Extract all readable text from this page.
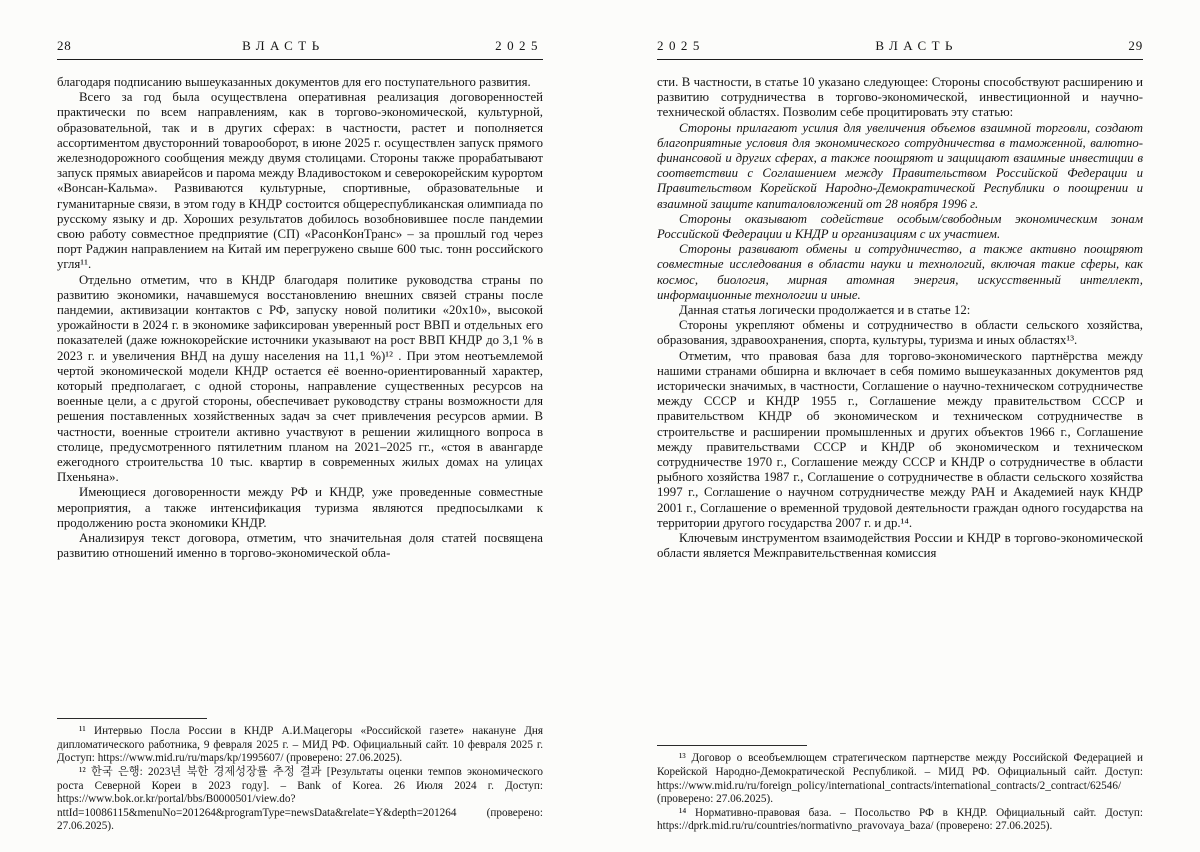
28	ВЛАСТЬ	2025

благодаря подписанию вышеуказанных документов для его поступательного развития.

Всего за год была осуществлена оперативная реализация договоренностей практически по всем направлениям, как в торгово-экономической, культурной, образовательной, так и в других сферах: в частности, растет и пополняется ассортиментом двусторонний товарооборот, в июне 2025 г. осуществлен запуск прямого железнодорожного сообщения между двумя столицами. Стороны также прорабатывают запуск прямых авиарейсов и парома между Владивостоком и северокорейским курортом «Вонсан-Кальма». Развиваются культурные, спортивные, образовательные и гуманитарные связи, в этом году в КНДР состоится общереспубликанская олимпиада по русскому языку и др. Хороших результатов добилось возобновившее после пандемии свою работу совместное предприятие (СП) «РасонКонТранс» – за прошлый год через порт Раджин направлением на Китай им перегружено свыше 600 тыс. тонн российского угля¹¹.

Отдельно отметим, что в КНДР благодаря политике руководства страны по развитию экономики, начавшемуся восстановлению внешних связей страны после пандемии, активизации контактов с РФ, запуску новой политики «20x10», высокой урожайности в 2024 г. в экономике зафиксирован уверенный рост ВВП и отдельных его показателей (даже южнокорейские источники указывают на рост ВВП КНДР до 3,1 % в 2023 г. и увеличения ВНД на душу населения на 11,1 %)¹² . При этом неотъемлемой чертой экономической модели КНДР остается её военно-ориентированный характер, который предполагает, с одной стороны, направление существенных ресурсов на военные цели, а с другой стороны, обеспечивает руководству страны возможности для решения поставленных хозяйственных задач за счет привлечения ресурсов армии. В частности, военные строители активно участвуют в решении жилищного вопроса в столице, предусмотренного пятилетним планом на 2021–2025 гг., «стоя в авангарде ежегодного строительства 10 тыс. квартир в современных жилых домах на улицах Пхеньяна».

Имеющиеся договоренности между РФ и КНДР, уже проведенные совместные мероприятия, а также интенсификация туризма являются предпосылками к продолжению роста экономики КНДР.

Анализируя текст договора, отметим, что значительная доля статей посвящена развитию отношений именно в торгово-экономической обла-

¹¹ Интервью Посла России в КНДР А.И.Мацегоры «Российской газете» накануне Дня дипломатического работника, 9 февраля 2025 г. – МИД РФ. Официальный сайт. 10 февраля 2025 г. Доступ: https://www.mid.ru/ru/maps/kp/1995607/ (проверено: 27.06.2025).

¹² 한국 은행: 2023년 북한 경제성장률 추정 결과 [Результаты оценки темпов экономического роста Северной Кореи в 2023 году]. – Bank of Korea. 26 Июля 2024 г. Доступ: https://www.bok.or.kr/portal/bbs/B0000501/view.do?nttId=10086115&menuNo=201264&programType=newsData&relate=Y&depth=201264 (проверено: 27.06.2025).

2025	ВЛАСТЬ	29

сти. В частности, в статье 10 указано следующее: Стороны способствуют расширению и развитию сотрудничества в торгово-экономической, инвестиционной и научно-технической областях. Позволим себе процитировать эту статью:

Стороны прилагают усилия для увеличения объемов взаимной торговли, создают благоприятные условия для экономического сотрудничества в таможенной, валютно-финансовой и других сферах, а также поощряют и защищают взаимные инвестиции в соответствии с Соглашением между Правительством Российской Федерации и Правительством Корейской Народно-Демократической Республики о поощрении и взаимной защите капиталовложений от 28 ноября 1996 г.

Стороны оказывают содействие особым/свободным экономическим зонам Российской Федерации и КНДР и организациям с их участием.

Стороны развивают обмены и сотрудничество, а также активно поощряют совместные исследования в области науки и технологий, включая такие сферы, как космос, биология, мирная атомная энергия, искусственный интеллект, информационные технологии и иные.

Данная статья логически продолжается и в статье 12:

Стороны укрепляют обмены и сотрудничество в области сельского хозяйства, образования, здравоохранения, спорта, культуры, туризма и иных областях¹³.

Отметим, что правовая база для торгово-экономического партнёрства между нашими странами обширна и включает в себя помимо вышеуказанных документов ряд исторически значимых, в частности, Соглашение о научно-техническом сотрудничестве между СССР и КНДР 1955 г., Соглашение между правительством СССР и правительством КНДР об экономическом и техническом сотрудничестве в строительстве и расширении промышленных и других объектов 1966 г., Соглашение между правительствами СССР и КНДР об экономическом и техническом сотрудничестве 1970 г., Соглашение между СССР и КНДР о сотрудничестве в области рыбного хозяйства 1987 г., Соглашение о сотрудничестве в области сельского хозяйства 1997 г., Соглашение о научном сотрудничестве между РАН и Академией наук КНДР 2001 г., Соглашение о временной трудовой деятельности граждан одного государства на территории другого государства 2007 г. и др.¹⁴.

Ключевым инструментом взаимодействия России и КНДР в торгово-экономической области является Межправительственная комиссия

¹³ Договор о всеобъемлющем стратегическом партнерстве между Российской Федерацией и Корейской Народно-Демократической Республикой. – МИД РФ. Официальный сайт. Доступ: https://www.mid.ru/ru/foreign_policy/international_contracts/international_contracts/2_contract/62546/ (проверено: 27.06.2025).

¹⁴ Нормативно-правовая база. – Посольство РФ в КНДР. Официальный сайт. Доступ: https://dprk.mid.ru/ru/countries/normativno_pravovaya_baza/ (проверено: 27.06.2025).
